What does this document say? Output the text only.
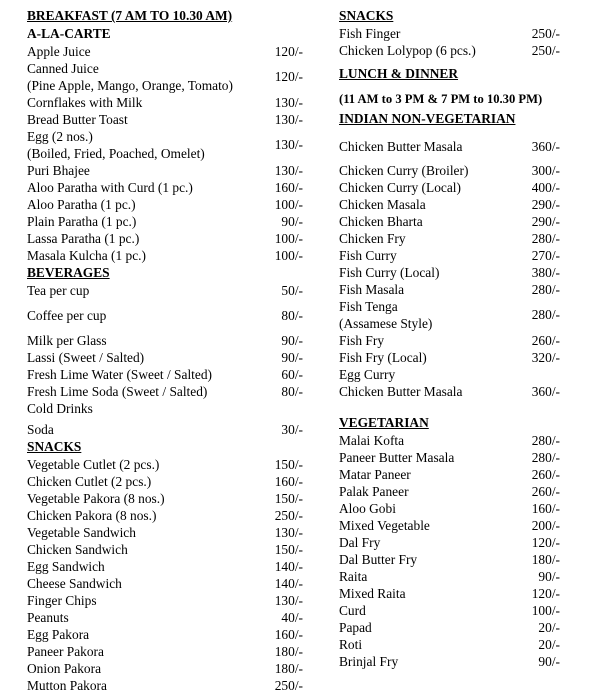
BREAKFAST (7 AM TO 10.30 AM)
A-LA-CARTE
Apple Juice	120/-
Canned Juice
(Pine Apple, Mango, Orange, Tomato)
120/-
Cornflakes with Milk	130/-
Bread Butter Toast	130/-
Egg (2 nos.)
(Boiled, Fried, Poached, Omelet)
130/-
Puri Bhajee	130/-
Aloo Paratha with Curd (1 pc.)	160/-
Aloo Paratha (1 pc.)	100/-
Plain Paratha (1 pc.)	90/-
Lassa Paratha (1 pc.)	100/-
Masala Kulcha (1 pc.)	100/-
BEVERAGES
Tea per cup	50/-
Coffee per cup	80/-
Milk per Glass	90/-
Lassi (Sweet / Salted)	90/-
Fresh Lime Water (Sweet / Salted)	60/-
Fresh Lime Soda (Sweet / Salted)	80/-
Cold Drinks
Soda	30/-
SNACKS
Vegetable Cutlet (2 pcs.)	150/-
Chicken Cutlet (2 pcs.)	160/-
Vegetable Pakora (8 nos.)	150/-
Chicken Pakora (8 nos.)	250/-
Vegetable Sandwich	130/-
Chicken Sandwich	150/-
Egg Sandwich	140/-
Cheese Sandwich	140/-
Finger Chips	130/-
Peanuts	40/-
Egg Pakora	160/-
Paneer Pakora	180/-
Onion Pakora	180/-
Mutton Pakora	250/-
SNACKS
Fish Finger	250/-
Chicken Lolypop (6 pcs.)	250/-
LUNCH & DINNER
(11 AM to 3 PM & 7 PM to 10.30 PM)
INDIAN NON-VEGETARIAN
Chicken Butter Masala	360/-
Chicken Curry (Broiler)	300/-
Chicken Curry (Local)	400/-
Chicken Masala	290/-
Chicken Bharta	290/-
Chicken Fry	280/-
Fish Curry	270/-
Fish Curry (Local)	380/-
Fish Masala	280/-
Fish Tenga
(Assamese Style)
280/-
Fish Fry	260/-
Fish Fry (Local)	320/-
Egg Curry
Chicken Butter Masala	360/-
VEGETARIAN
Malai Kofta	280/-
Paneer Butter Masala	280/-
Matar Paneer	260/-
Palak Paneer	260/-
Aloo Gobi	160/-
Mixed Vegetable	200/-
Dal Fry	120/-
Dal Butter Fry	180/-
Raita	90/-
Mixed Raita	120/-
Curd	100/-
Papad	20/-
Roti	20/-
Brinjal Fry	90/-
